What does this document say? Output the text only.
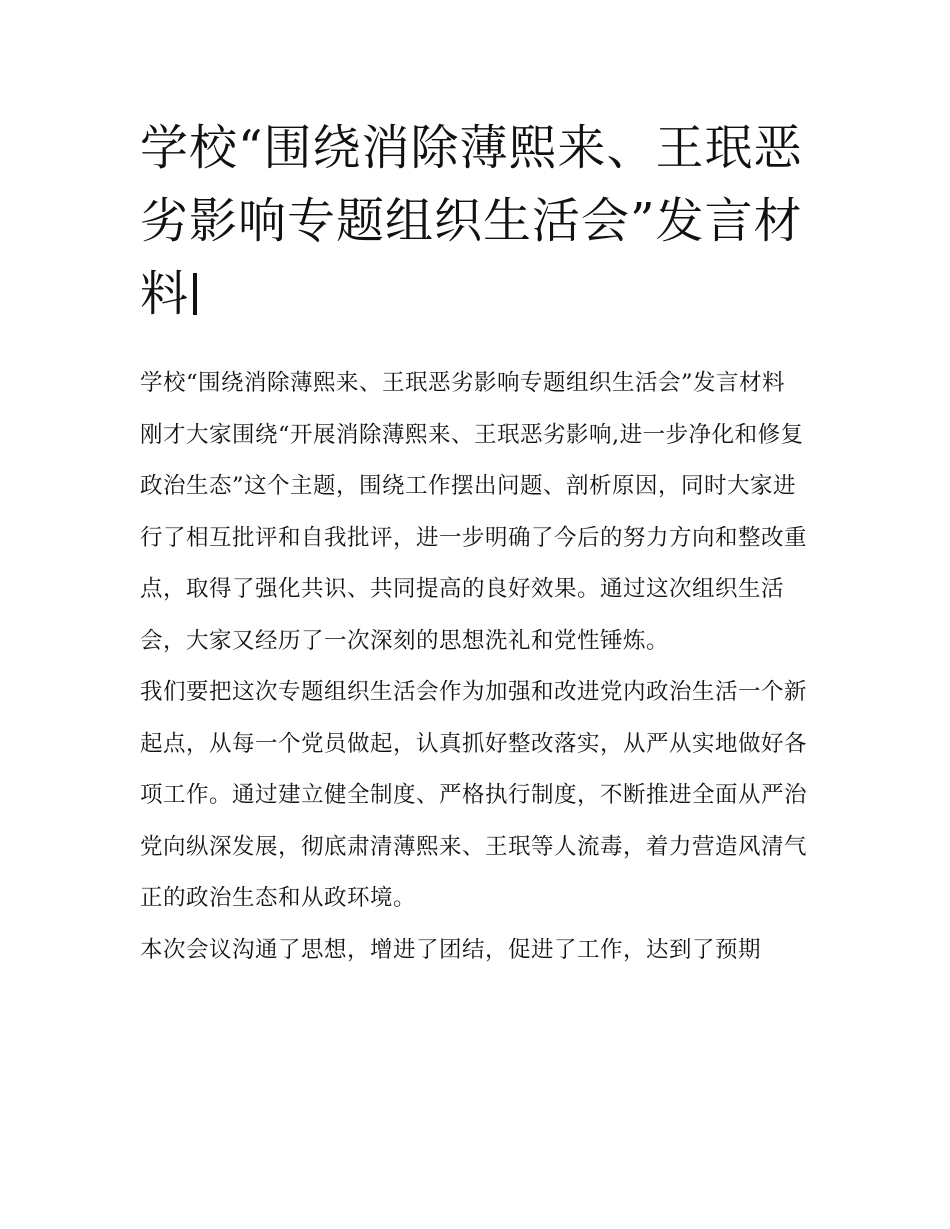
学校“围绕消除薄熙来、王珉恶劣影响专题组织生活会”发言材料

学校“围绕消除薄熙来、王珉恶劣影响专题组织生活会”发言材料

刚才大家围绕“开展消除薄熙来、王珉恶劣影响,进一步净化和修复政治生态”这个主题，围绕工作摆出问题、剖析原因，同时大家进行了相互批评和自我批评，进一步明确了今后的努力方向和整改重点，取得了强化共识、共同提高的良好效果。通过这次组织生活会，大家又经历了一次深刻的思想洗礼和党性锤炼。

我们要把这次专题组织生活会作为加强和改进党内政治生活一个新起点，从每一个党员做起，认真抓好整改落实，从严从实地做好各项工作。通过建立健全制度、严格执行制度，不断推进全面从严治党向纵深发展，彻底肃清薄熙来、王珉等人流毒，着力营造风清气正的政治生态和从政环境。

本次会议沟通了思想，增进了团结，促进了工作，达到了预期
